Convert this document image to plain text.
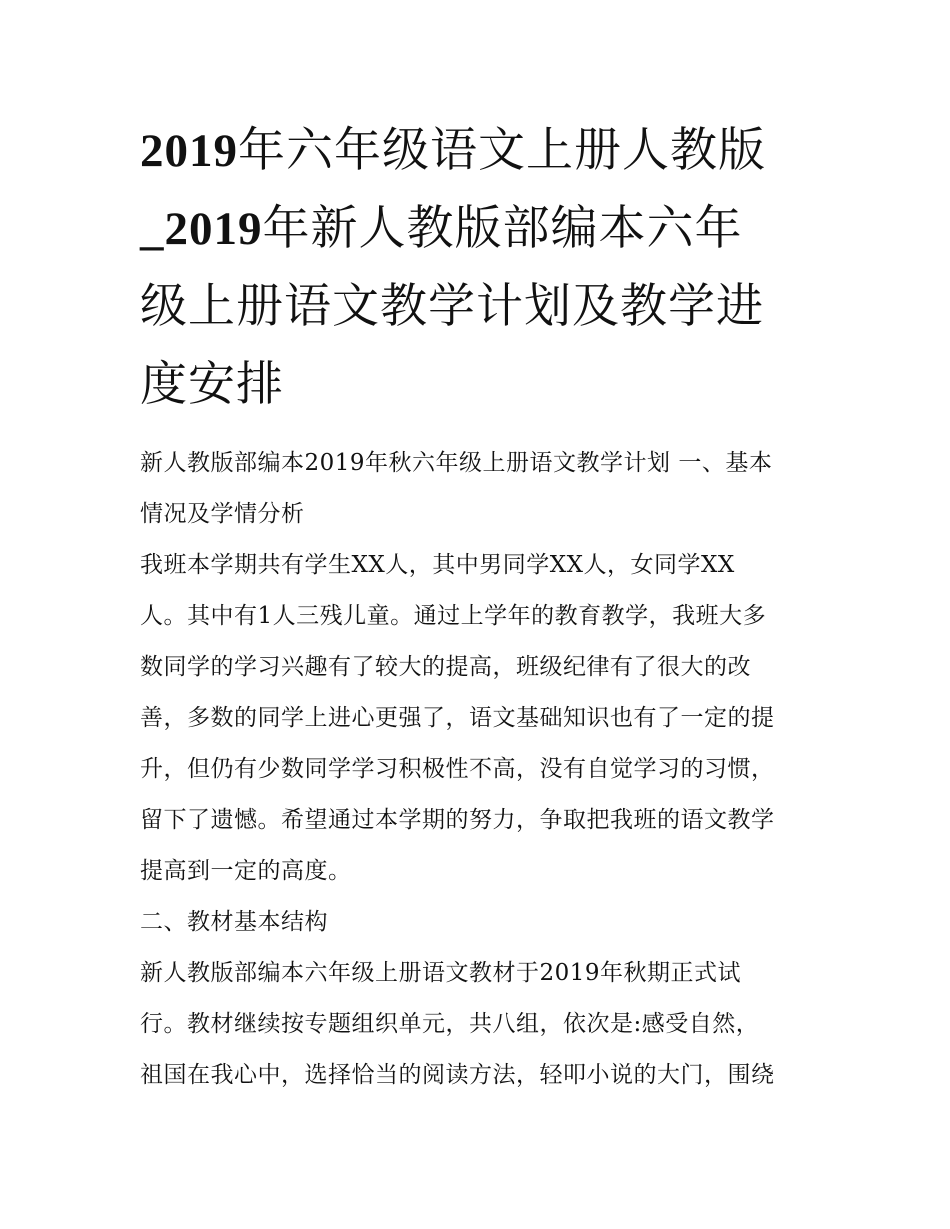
2019年六年级语文上册人教版
_2019年新人教版部编本六年
级上册语文教学计划及教学进
度安排

新人教版部编本2019年秋六年级上册语文教学计划 一、基本

情况及学情分析

我班本学期共有学生XX人，其中男同学XX人，女同学XX

人。其中有1人三残儿童。通过上学年的教育教学，我班大多

数同学的学习兴趣有了较大的提高，班级纪律有了很大的改

善，多数的同学上进心更强了，语文基础知识也有了一定的提

升，但仍有少数同学学习积极性不高，没有自觉学习的习惯，

留下了遗憾。希望通过本学期的努力，争取把我班的语文教学

提高到一定的高度。

二、教材基本结构

新人教版部编本六年级上册语文教材于2019年秋期正式试

行。教材继续按专题组织单元，共八组，依次是:感受自然，

祖国在我心中，选择恰当的阅读方法，轻叩小说的大门，围绕
